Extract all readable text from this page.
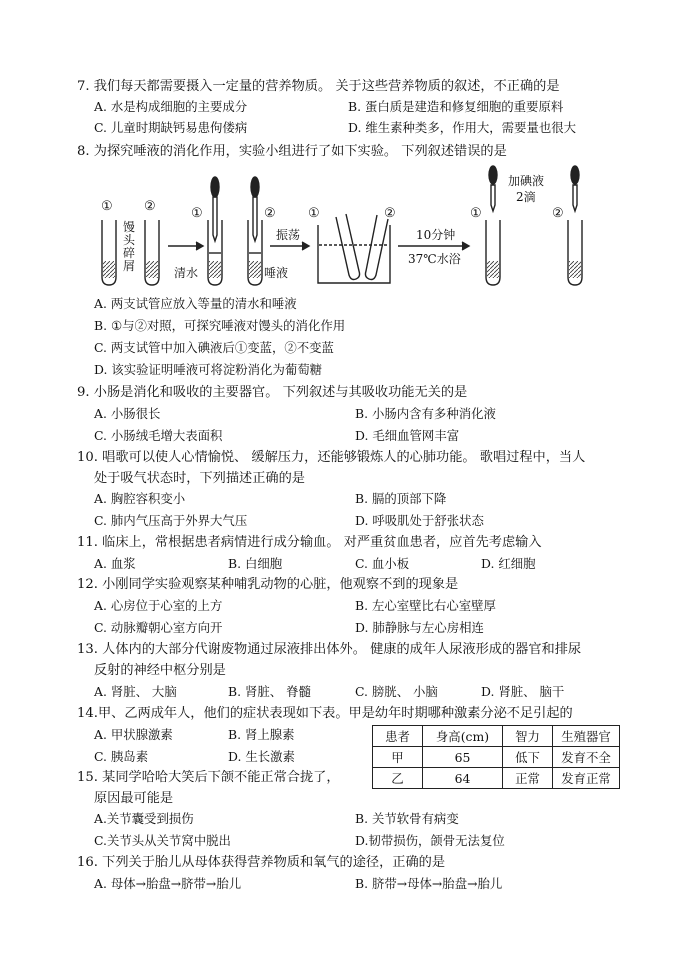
7. 我们每天都需要摄入一定量的营养物质。 关于这些营养物质的叙述，不正确的是
A. 水是构成细胞的主要成分	B. 蛋白质是建造和修复细胞的重要原料
C. 儿童时期缺钙易患佝偻病	D. 维生素种类多，作用大，需要量也很大
8. 为探究唾液的消化作用，实验小组进行了如下实验。 下列叙述错误的是
① ②	①	② ①	②	①	②
清水	唾液
振荡	10分钟
37℃水浴
加碘液
2滴
馒头碎屑
A. 两支试管应放入等量的清水和唾液
B. ①与②对照，可探究唾液对馒头的消化作用
C. 两支试管中加入碘液后①变蓝，②不变蓝
D. 该实验证明唾液可将淀粉消化为葡萄糖
9. 小肠是消化和吸收的主要器官。 下列叙述与其吸收功能无关的是
A. 小肠很长	B. 小肠内含有多种消化液
C. 小肠绒毛增大表面积	D. 毛细血管网丰富
10. 唱歌可以使人心情愉悦、 缓解压力，还能够锻炼人的心肺功能。 歌唱过程中，当人
处于吸气状态时，下列描述正确的是
A. 胸腔容积变小	B. 膈的顶部下降
C. 肺内气压高于外界大气压	D. 呼吸肌处于舒张状态
11. 临床上，常根据患者病情进行成分输血。 对严重贫血患者，应首先考虑输入
A. 血浆	B. 白细胞	C. 血小板	D. 红细胞
12. 小刚同学实验观察某种哺乳动物的心脏，他观察不到的现象是
A. 心房位于心室的上方	B. 左心室壁比右心室壁厚
C. 动脉瓣朝心室方向开	D. 肺静脉与左心房相连
13. 人体内的大部分代谢废物通过尿液排出体外。 健康的成年人尿液形成的器官和排尿
反射的神经中枢分别是
A. 肾脏、 大脑	B. 肾脏、 脊髓	C. 膀胱、 小脑	D. 肾脏、 脑干
14.甲、乙两成年人，他们的症状表现如下表。甲是幼年时期哪种激素分泌不足引起的
A. 甲状腺激素	B. 肾上腺素
C. 胰岛素	D. 生长激素
患者	身高(cm)	智力	生殖器官
甲	65	低下	发育不全
乙	64	正常	发育正常
15. 某同学哈哈大笑后下颌不能正常合拢了，
原因最可能是
A.关节囊受到损伤	B. 关节软骨有病变
C.关节头从关节窝中脱出	D.韧带损伤，颌骨无法复位
16. 下列关于胎儿从母体获得营养物质和氧气的途径，正确的是
A. 母体→胎盘→脐带→胎儿	B. 脐带→母体→胎盘→胎儿
